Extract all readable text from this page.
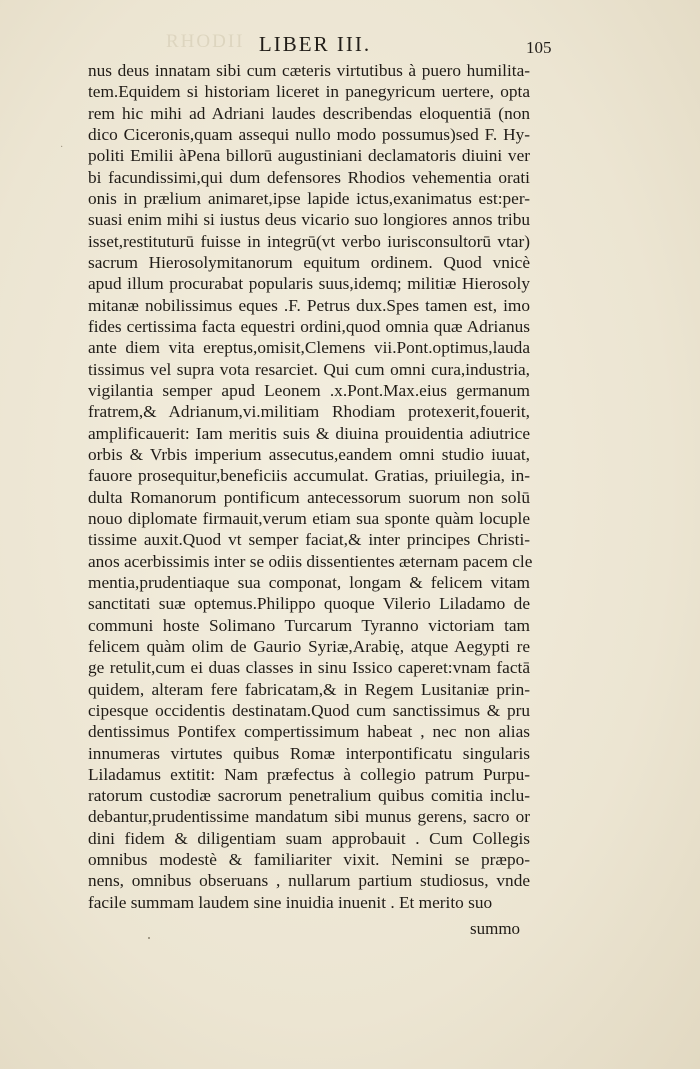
RHODII LIBER III.	105
·
nus deus innatam sibi cum cæteris virtutibus à puero humilita-
tem.Equidem si historiam liceret in panegyricum uertere, opta
rem hic mihi ad Adriani laudes describendas eloquentiā (non
dico Ciceronis,quam assequi nullo modo possumus)sed F. Hy-
politi Emilii àPena billorū augustiniani declamatoris diuini ver
bi facundissimi,qui dum defensores Rhodios vehementia orati
onis in prælium animaret,ipse lapide ictus,exanimatus est:per-
suasi enim mihi si iustus deus vicario suo longiores annos tribu
isset,restituturū fuisse in integrū(vt verbo iurisconsultorū vtar)
sacrum Hierosolymitanorum equitum ordinem. Quod vnicè
apud illum procurabat popularis suus,idemq; militiæ Hierosoly
mitanæ nobilissimus eques .F. Petrus dux.Spes tamen est, imo
fides certissima facta equestri ordini,quod omnia quæ Adrianus
ante diem vita ereptus,omisit,Clemens vii.Pont.optimus,lauda
tissimus vel supra vota resarciet. Qui cum omni cura,industria,
vigilantia semper apud Leonem .x.Pont.Max.eius germanum
fratrem,& Adrianum,vi.militiam Rhodiam protexerit,fouerit,
amplificauerit: Iam meritis suis & diuina prouidentia adiutrice
orbis & Vrbis imperium assecutus,eandem omni studio iuuat,
fauore prosequitur,beneficiis accumulat. Gratias, priuilegia, in-
dulta Romanorum pontificum antecessorum suorum non solū
nouo diplomate firmauit,verum etiam sua sponte quàm locuple
tissime auxit.Quod vt semper faciat,& inter principes Christi-
anos acerbissimis inter se odiis dissentientes æternam pacem cle
mentia,prudentiaque sua componat, longam & felicem vitam
sanctitati suæ optemus.Philippo quoque Vilerio Liladamo de
communi hoste Solimano Turcarum Tyranno victoriam tam
felicem quàm olim de Gaurio Syriæ,Arabię, atque Aegypti re
ge retulit,cum ei duas classes in sinu Issico caperet:vnam factā
quidem, alteram fere fabricatam,& in Regem Lusitaniæ prin-
cipesque occidentis destinatam.Quod cum sanctissimus & pru
dentissimus Pontifex compertissimum habeat , nec non alias
innumeras virtutes quibus Romæ interpontificatu singularis
Liladamus extitit: Nam præfectus à collegio patrum Purpu-
ratorum custodiæ sacrorum penetralium quibus comitia inclu-
debantur,prudentissime mandatum sibi munus gerens, sacro or
dini fidem & diligentiam suam approbauit . Cum Collegis
omnibus modestè & familiariter vixit. Nemini se præpo-
nens, omnibus obseruans , nullarum partium studiosus, vnde
facile summam laudem sine inuidia inuenit . Et merito suo
summo
